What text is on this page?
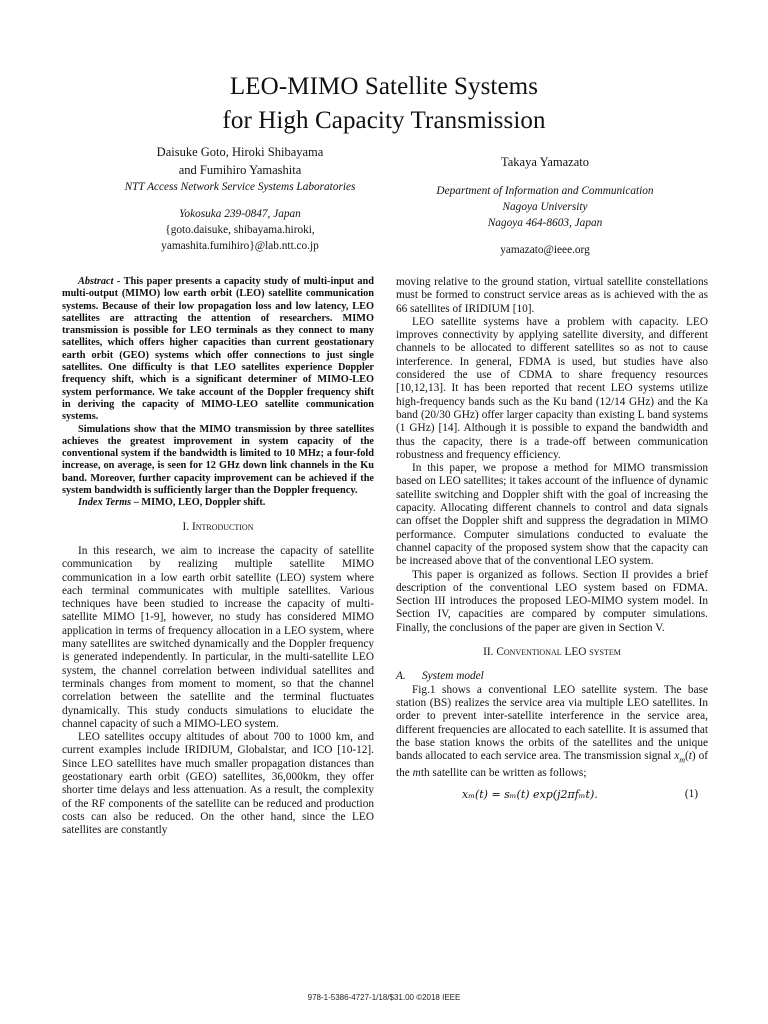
LEO-MIMO Satellite Systems
for High Capacity Transmission
Daisuke Goto, Hiroki Shibayama
and Fumihiro Yamashita
NTT Access Network Service Systems Laboratories
Yokosuka 239-0847, Japan
{goto.daisuke, shibayama.hiroki,
yamashita.fumihiro}@lab.ntt.co.jp
Takaya Yamazato
Department of Information and Communication
Nagoya University
Nagoya 464-8603, Japan
yamazato@ieee.org

Abstract - This paper presents a capacity study of multi-input and multi-output (MIMO) low earth orbit (LEO) satellite communication systems. Because of their low propagation loss and low latency, LEO satellites are attracting the attention of researchers. MIMO transmission is possible for LEO terminals as they connect to many satellites, which offers higher capacities than current geostationary earth orbit (GEO) systems which offer connections to just single satellites. One difficulty is that LEO satellites experience Doppler frequency shift, which is a significant determiner of MIMO-LEO system performance. We take account of the Doppler frequency shift in deriving the capacity of MIMO-LEO satellite communication systems.

Simulations show that the MIMO transmission by three satellites achieves the greatest improvement in system capacity of the conventional system if the bandwidth is limited to 10 MHz; a four-fold increase, on average, is seen for 12 GHz down link channels in the Ku band. Moreover, further capacity improvement can be achieved if the system bandwidth is sufficiently larger than the Doppler frequency.

Index Terms – MIMO, LEO, Doppler shift.

I. Introduction

In this research, we aim to increase the capacity of satellite communication by realizing multiple satellite MIMO communication in a low earth orbit satellite (LEO) system where each terminal communicates with multiple satellites. Various techniques have been studied to increase the capacity of multi-satellite MIMO [1-9], however, no study has considered MIMO application in terms of frequency allocation in a LEO system, where many satellites are switched dynamically and the Doppler frequency is generated independently. In particular, in the multi-satellite LEO system, the channel correlation between individual satellites and terminals changes from moment to moment, so that the channel correlation between the satellite and the terminal fluctuates dynamically. This study conducts simulations to elucidate the channel capacity of such a MIMO-LEO system.

LEO satellites occupy altitudes of about 700 to 1000 km, and current examples include IRIDIUM, Globalstar, and ICO [10-12]. Since LEO satellites have much smaller propagation distances than geostationary earth orbit (GEO) satellites, 36,000km, they offer shorter time delays and less attenuation. As a result, the complexity of the RF components of the satellite can be reduced and production costs can also be reduced. On the other hand, since the LEO satellites are constantly

moving relative to the ground station, virtual satellite constellations must be formed to construct service areas as is achieved with the as 66 satellites of IRIDIUM [10].

LEO satellite systems have a problem with capacity. LEO improves connectivity by applying satellite diversity, and different channels to be allocated to different satellites so as not to cause interference. In general, FDMA is used, but studies have also considered the use of CDMA to share frequency resources [10,12,13]. It has been reported that recent LEO systems utilize high-frequency bands such as the Ku band (12/14 GHz) and the Ka band (20/30 GHz) offer larger capacity than existing L band systems (1 GHz) [14]. Although it is possible to expand the bandwidth and thus the capacity, there is a trade-off between communication robustness and frequency efficiency.

In this paper, we propose a method for MIMO transmission based on LEO satellites; it takes account of the influence of dynamic satellite switching and Doppler shift with the goal of increasing the capacity. Allocating different channels to control and data signals can offset the Doppler shift and suppress the degradation in MIMO performance. Computer simulations conducted to evaluate the channel capacity of the proposed system show that the capacity can be increased above that of the conventional LEO system.

This paper is organized as follows. Section II provides a brief description of the conventional LEO system based on FDMA. Section III introduces the proposed LEO-MIMO system model. In Section IV, capacities are compared by computer simulations. Finally, the conclusions of the paper are given in Section V.

II. Conventional LEO system

A. System model

Fig.1 shows a conventional LEO satellite system. The base station (BS) realizes the service area via multiple LEO satellites. In order to prevent inter-satellite interference in the service area, different frequencies are allocated to each satellite. It is assumed that the base station knows the orbits of the satellites and the unique bands allocated to each service area. The transmission signal $x_m(t)$ of the mth satellite can be written as follows;

xₘ(t) = sₘ(t) exp(j2πfₘt).	(1)
978-1-5386-4727-1/18/$31.00 ©2018 IEEE
